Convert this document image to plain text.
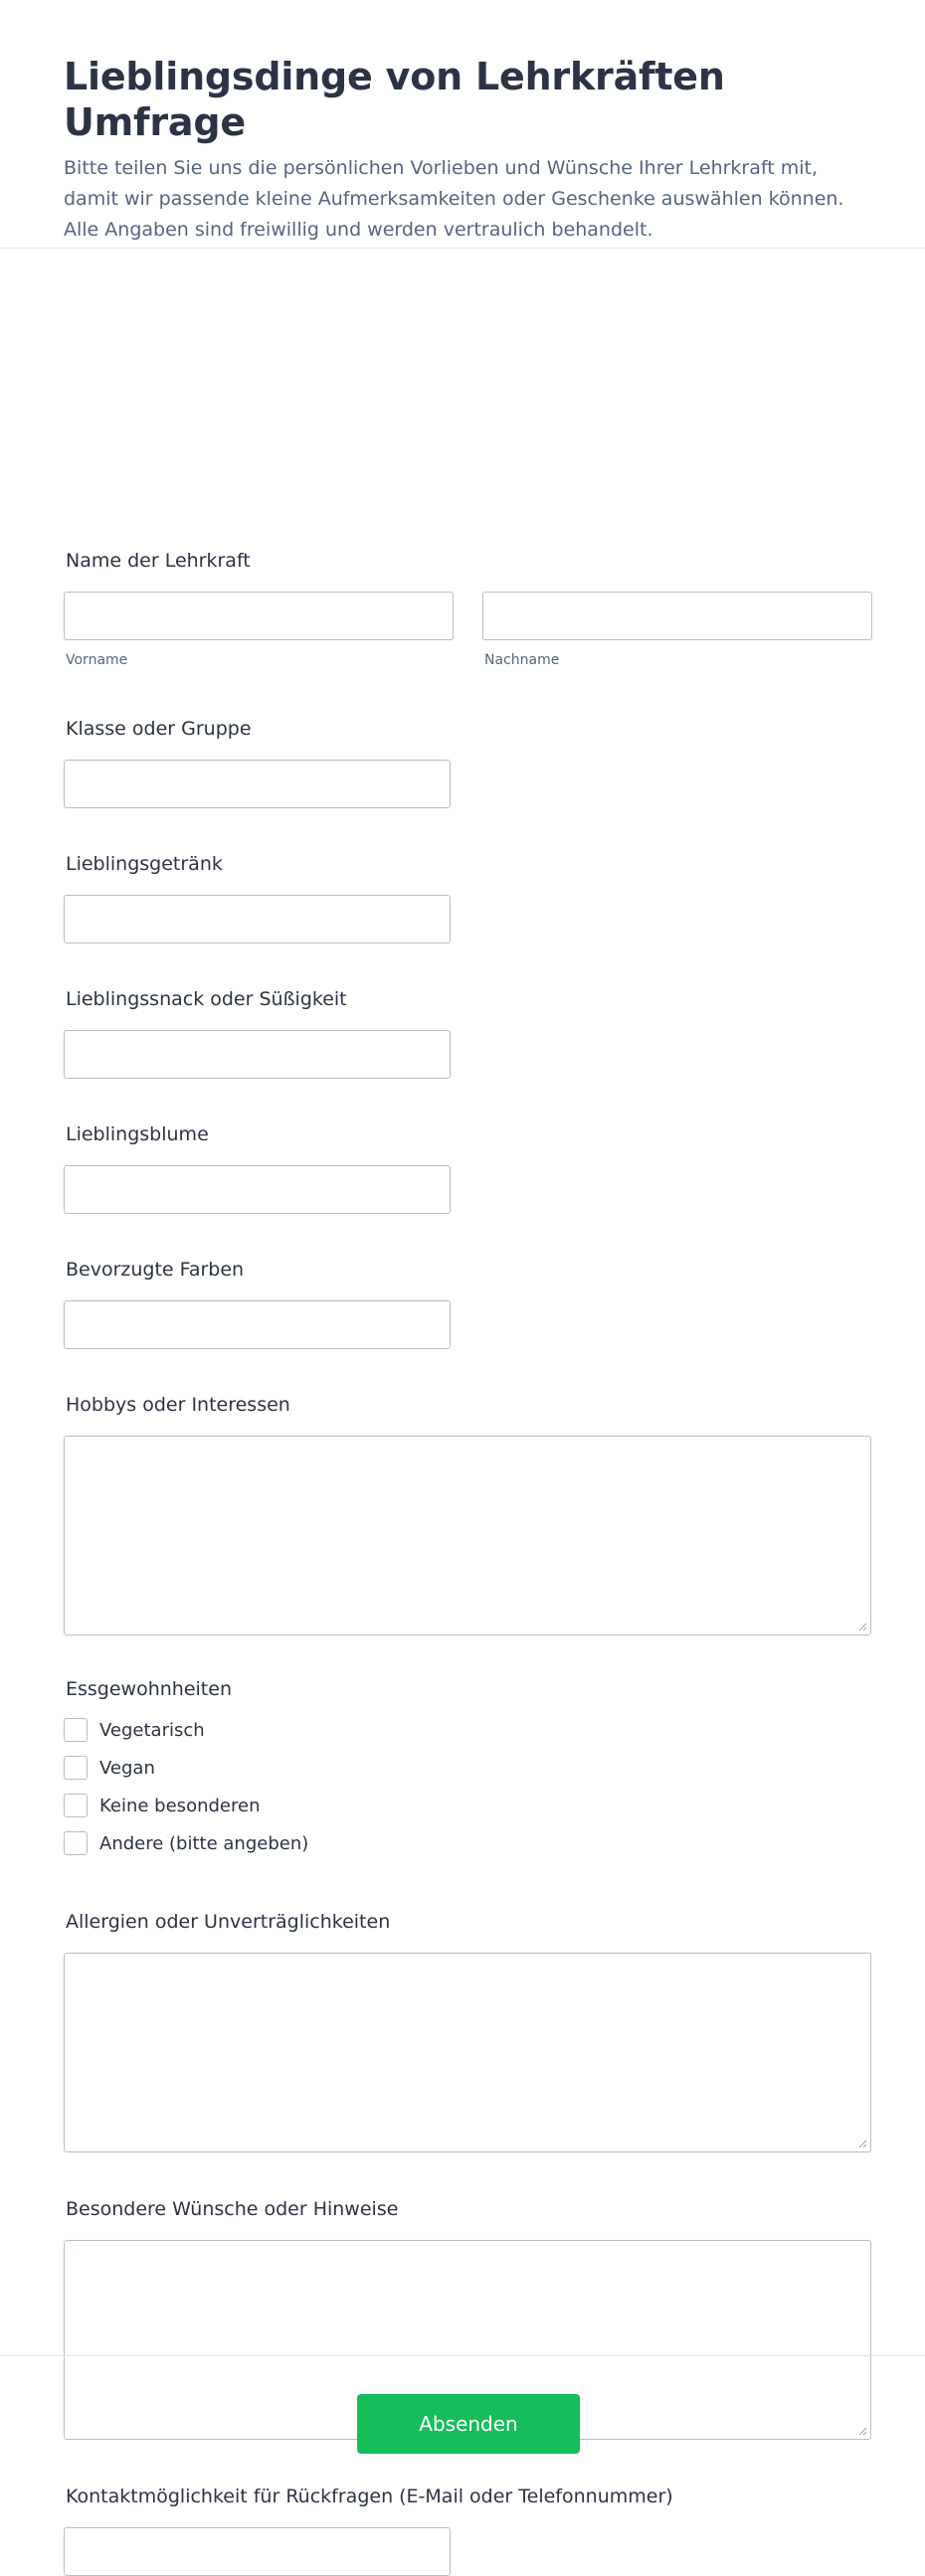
Lieblingsdinge von Lehrkräften Umfrage
Bitte teilen Sie uns die persönlichen Vorlieben und Wünsche Ihrer Lehrkraft mit,
damit wir passende kleine Aufmerksamkeiten oder Geschenke auswählen können.
Alle Angaben sind freiwillig und werden vertraulich behandelt.
Name der Lehrkraft
Vorname	Nachname
Klasse oder Gruppe
Lieblingsgetränk
Lieblingssnack oder Süßigkeit
Lieblingsblume
Bevorzugte Farben
Hobbys oder Interessen
Essgewohnheiten
Vegetarisch
Vegan
Keine besonderen
Andere (bitte angeben)
Allergien oder Unverträglichkeiten
Besondere Wünsche oder Hinweise
Kontaktmöglichkeit für Rückfragen (E-Mail oder Telefonnummer)
Absenden
